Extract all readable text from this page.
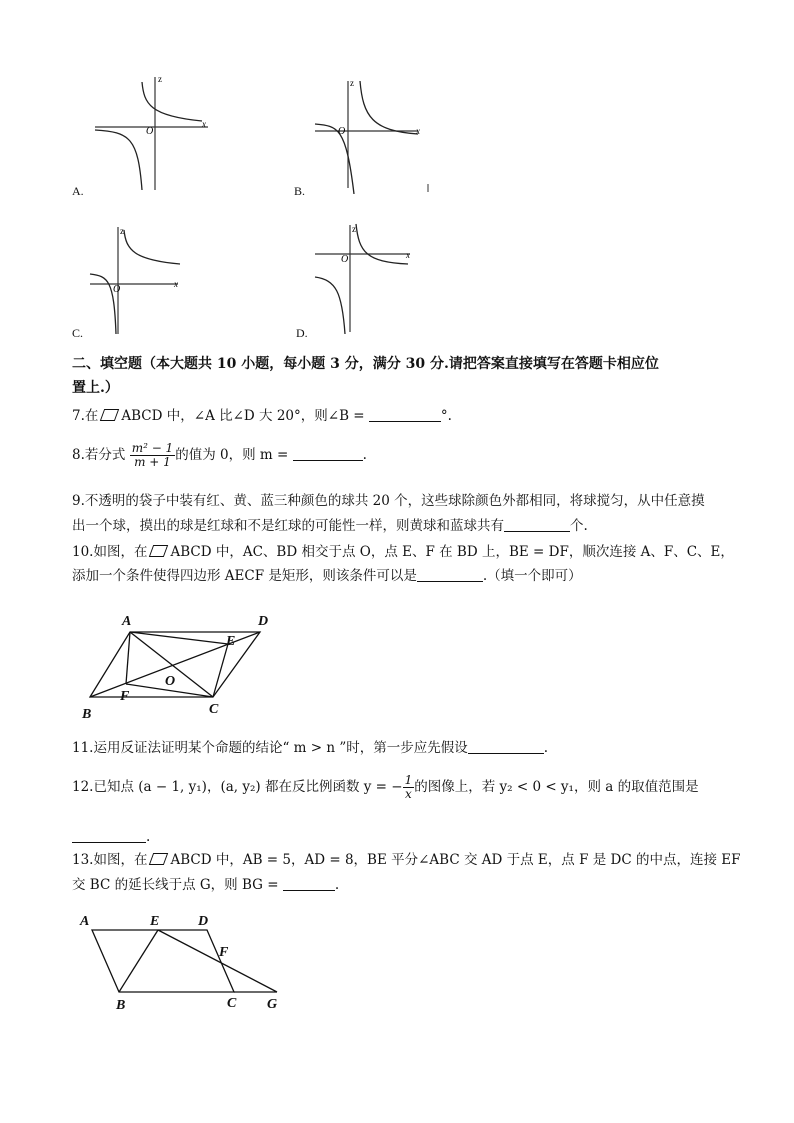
z
x
O
A.
z
x
O
B.
z
x
O
C.
z
x
O
D.
二、填空题（本大题共 10 小题，每小题 3 分，满分 30 分.请把答案直接填写在答题卡相应位
置上.）
7.在 ABCD 中，∠A 比∠D 大 20°，则∠B =	°.
8.若分式 $\frac{\text{m² − 1}}{m + 1}$ 的值为 0，则 m =	.
9.不透明的袋子中装有红、黄、蓝三种颜色的球共 20 个，这些球除颜色外都相同，将球搅匀，从中任意摸
出一个球，摸出的球是红球和不是红球的可能性一样，则黄球和蓝球共有	个.
10.如图，在 ABCD 中，AC、BD 相交于点 O，点 E、F 在 BD 上，BE = DF，顺次连接 A、F、C、E，
添加一个条件使得四边形 AECF 是矩形，则该条件可以是	.（填一个即可）
A	D
E
O
F
B	C
11.运用反证法证明某个命题的结论“ m > n ”时，第一步应先假设	.
12.已知点 (a − 1, y₁)，(a, y₂) 都在反比例函数 y = − $\frac{1}{x}$ 的图像上，若 y₂ < 0 < y₁，则 a 的取值范围是
.
13.如图，在 ABCD 中，AB = 5，AD = 8，BE 平分∠ABC 交 AD 于点 E，点 F 是 DC 的中点，连接 EF
交 BC 的延长线于点 G，则 BG =	.
A	E	D
F
B	C G
